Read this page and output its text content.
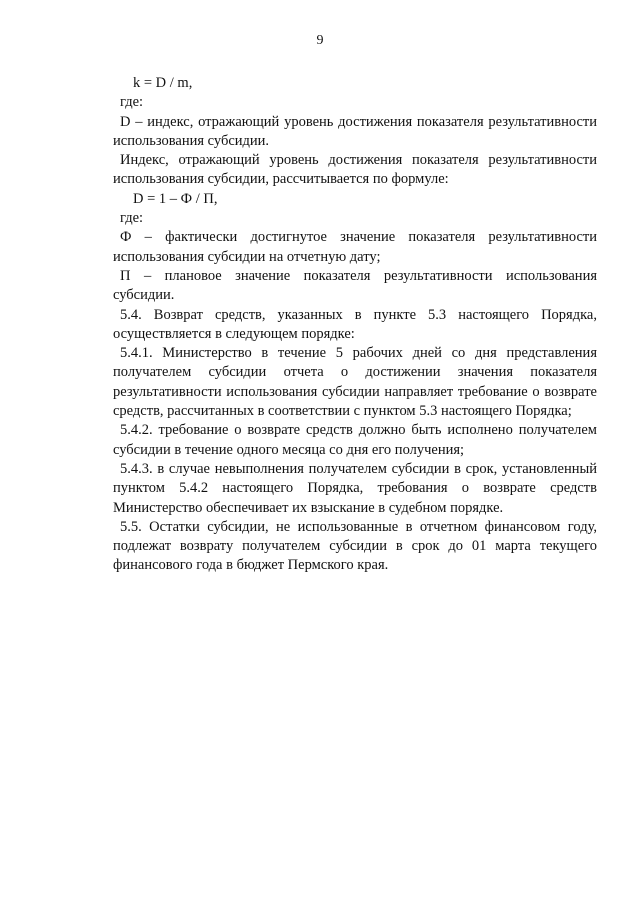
9

k = D / m,

где:

D – индекс, отражающий уровень достижения показателя результативности использования субсидии.

Индекс, отражающий уровень достижения показателя результативности использования субсидии, рассчитывается по формуле:

D = 1 – Ф / П,

где:

Ф – фактически достигнутое значение показателя результативности использования субсидии на отчетную дату;

П – плановое значение показателя результативности использования субсидии.

5.4. Возврат средств, указанных в пункте 5.3 настоящего Порядка, осуществляется в следующем порядке:

5.4.1. Министерство в течение 5 рабочих дней со дня представления получателем субсидии отчета о достижении значения показателя результативности использования субсидии направляет требование о возврате средств, рассчитанных в соответствии с пунктом 5.3 настоящего Порядка;

5.4.2. требование о возврате средств должно быть исполнено получателем субсидии в течение одного месяца со дня его получения;

5.4.3. в случае невыполнения получателем субсидии в срок, установленный пунктом 5.4.2 настоящего Порядка, требования о возврате средств Министерство обеспечивает их взыскание в судебном порядке.

5.5. Остатки субсидии, не использованные в отчетном финансовом году, подлежат возврату получателем субсидии в срок до 01 марта текущего финансового года в бюджет Пермского края.
